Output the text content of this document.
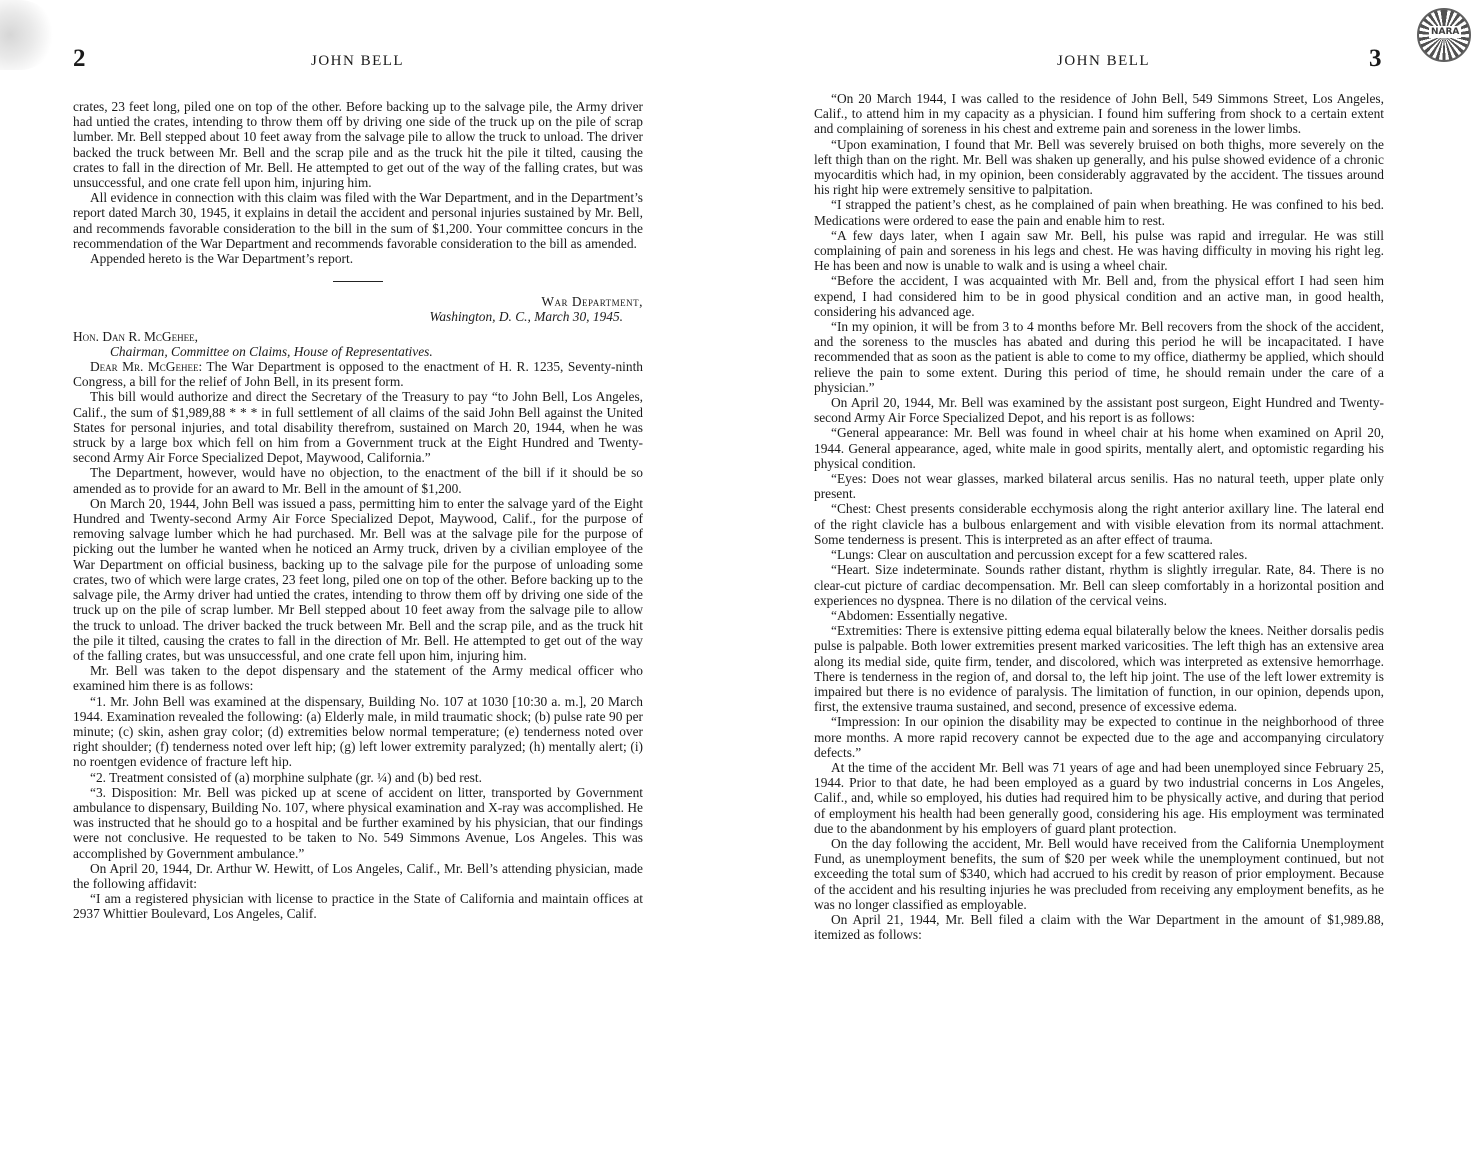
2	JOHN BELL

crates, 23 feet long, piled one on top of the other. Before backing up to the salvage pile, the Army driver had untied the crates, intending to throw them off by driving one side of the truck up on the pile of scrap lumber. Mr. Bell stepped about 10 feet away from the salvage pile to allow the truck to unload. The driver backed the truck between Mr. Bell and the scrap pile and as the truck hit the pile it tilted, causing the crates to fall in the direction of Mr. Bell. He attempted to get out of the way of the falling crates, but was unsuccessful, and one crate fell upon him, injuring him.

All evidence in connection with this claim was filed with the War Department, and in the Department’s report dated March 30, 1945, it explains in detail the accident and personal injuries sustained by Mr. Bell, and recommends favorable consideration to the bill in the sum of $1,200. Your committee concurs in the recommendation of the War Department and recommends favorable consideration to the bill as amended.

Appended hereto is the War Department’s report.

War Department,
Washington, D. C., March 30, 1945.

Hon. Dan R. McGehee,

Chairman, Committee on Claims, House of Representatives.

Dear Mr. McGehee: The War Department is opposed to the enactment of H. R. 1235, Seventy-ninth Congress, a bill for the relief of John Bell, in its present form.

This bill would authorize and direct the Secretary of the Treasury to pay “to John Bell, Los Angeles, Calif., the sum of $1,989,88 * * * in full settlement of all claims of the said John Bell against the United States for personal injuries, and total disability therefrom, sustained on March 20, 1944, when he was struck by a large box which fell on him from a Government truck at the Eight Hundred and Twenty-second Army Air Force Specialized Depot, Maywood, California.”

The Department, however, would have no objection, to the enactment of the bill if it should be so amended as to provide for an award to Mr. Bell in the amount of $1,200.

On March 20, 1944, John Bell was issued a pass, permitting him to enter the salvage yard of the Eight Hundred and Twenty-second Army Air Force Specialized Depot, Maywood, Calif., for the purpose of removing salvage lumber which he had purchased. Mr. Bell was at the salvage pile for the purpose of picking out the lumber he wanted when he noticed an Army truck, driven by a civilian employee of the War Department on official business, backing up to the salvage pile for the purpose of unloading some crates, two of which were large crates, 23 feet long, piled one on top of the other. Before backing up to the salvage pile, the Army driver had untied the crates, intending to throw them off by driving one side of the truck up on the pile of scrap lumber. Mr Bell stepped about 10 feet away from the salvage pile to allow the truck to unload. The driver backed the truck between Mr. Bell and the scrap pile, and as the truck hit the pile it tilted, causing the crates to fall in the direction of Mr. Bell. He attempted to get out of the way of the falling crates, but was unsuccessful, and one crate fell upon him, injuring him.

Mr. Bell was taken to the depot dispensary and the statement of the Army medical officer who examined him there is as follows:

“1. Mr. John Bell was examined at the dispensary, Building No. 107 at 1030 [10:30 a. m.], 20 March 1944. Examination revealed the following: (a) Elderly male, in mild traumatic shock; (b) pulse rate 90 per minute; (c) skin, ashen gray color; (d) extremities below normal temperature; (e) tenderness noted over right shoulder; (f) tenderness noted over left hip; (g) left lower extremity paralyzed; (h) mentally alert; (i) no roentgen evidence of fracture left hip.

“2. Treatment consisted of (a) morphine sulphate (gr. ¼) and (b) bed rest.

“3. Disposition: Mr. Bell was picked up at scene of accident on litter, transported by Government ambulance to dispensary, Building No. 107, where physical examination and X-ray was accomplished. He was instructed that he should go to a hospital and be further examined by his physician, that our findings were not conclusive. He requested to be taken to No. 549 Simmons Avenue, Los Angeles. This was accomplished by Government ambulance.”

On April 20, 1944, Dr. Arthur W. Hewitt, of Los Angeles, Calif., Mr. Bell’s attending physician, made the following affidavit:

“I am a registered physician with license to practice in the State of California and maintain offices at 2937 Whittier Boulevard, Los Angeles, Calif.

JOHN BELL	3
NARA

“On 20 March 1944, I was called to the residence of John Bell, 549 Simmons Street, Los Angeles, Calif., to attend him in my capacity as a physician. I found him suffering from shock to a certain extent and complaining of soreness in his chest and extreme pain and soreness in the lower limbs.

“Upon examination, I found that Mr. Bell was severely bruised on both thighs, more severely on the left thigh than on the right. Mr. Bell was shaken up generally, and his pulse showed evidence of a chronic myocarditis which had, in my opinion, been considerably aggravated by the accident. The tissues around his right hip were extremely sensitive to palpitation.

“I strapped the patient’s chest, as he complained of pain when breathing. He was confined to his bed. Medications were ordered to ease the pain and enable him to rest.

“A few days later, when I again saw Mr. Bell, his pulse was rapid and irregular. He was still complaining of pain and soreness in his legs and chest. He was having difficulty in moving his right leg. He has been and now is unable to walk and is using a wheel chair.

“Before the accident, I was acquainted with Mr. Bell and, from the physical effort I had seen him expend, I had considered him to be in good physical condition and an active man, in good health, considering his advanced age.

“In my opinion, it will be from 3 to 4 months before Mr. Bell recovers from the shock of the accident, and the soreness to the muscles has abated and during this period he will be incapacitated. I have recommended that as soon as the patient is able to come to my office, diathermy be applied, which should relieve the pain to some extent. During this period of time, he should remain under the care of a physician.”

On April 20, 1944, Mr. Bell was examined by the assistant post surgeon, Eight Hundred and Twenty-second Army Air Force Specialized Depot, and his report is as follows:

“General appearance: Mr. Bell was found in wheel chair at his home when examined on April 20, 1944. General appearance, aged, white male in good spirits, mentally alert, and optomistic regarding his physical condition.

“Eyes: Does not wear glasses, marked bilateral arcus senilis. Has no natural teeth, upper plate only present.

“Chest: Chest presents considerable ecchymosis along the right anterior axillary line. The lateral end of the right clavicle has a bulbous enlargement and with visible elevation from its normal attachment. Some tenderness is present. This is interpreted as an after effect of trauma.

“Lungs: Clear on auscultation and percussion except for a few scattered rales.

“Heart. Size indeterminate. Sounds rather distant, rhythm is slightly irregular. Rate, 84. There is no clear-cut picture of cardiac decompensation. Mr. Bell can sleep comfortably in a horizontal position and experiences no dyspnea. There is no dilation of the cervical veins.

“Abdomen: Essentially negative.

“Extremities: There is extensive pitting edema equal bilaterally below the knees. Neither dorsalis pedis pulse is palpable. Both lower extremities present marked varicosities. The left thigh has an extensive area along its medial side, quite firm, tender, and discolored, which was interpreted as extensive hemorrhage. There is tenderness in the region of, and dorsal to, the left hip joint. The use of the left lower extremity is impaired but there is no evidence of paralysis. The limitation of function, in our opinion, depends upon, first, the extensive trauma sustained, and second, presence of excessive edema.

“Impression: In our opinion the disability may be expected to continue in the neighborhood of three more months. A more rapid recovery cannot be expected due to the age and accompanying circulatory defects.”

At the time of the accident Mr. Bell was 71 years of age and had been unemployed since February 25, 1944. Prior to that date, he had been employed as a guard by two industrial concerns in Los Angeles, Calif., and, while so employed, his duties had required him to be physically active, and during that period of employment his health had been generally good, considering his age. His employment was terminated due to the abandonment by his employers of guard plant protection.

On the day following the accident, Mr. Bell would have received from the California Unemployment Fund, as unemployment benefits, the sum of $20 per week while the unemployment continued, but not exceeding the total sum of $340, which had accrued to his credit by reason of prior employment. Because of the accident and his resulting injuries he was precluded from receiving any employment benefits, as he was no longer classified as employable.

On April 21, 1944, Mr. Bell filed a claim with the War Department in the amount of $1,989.88, itemized as follows:
